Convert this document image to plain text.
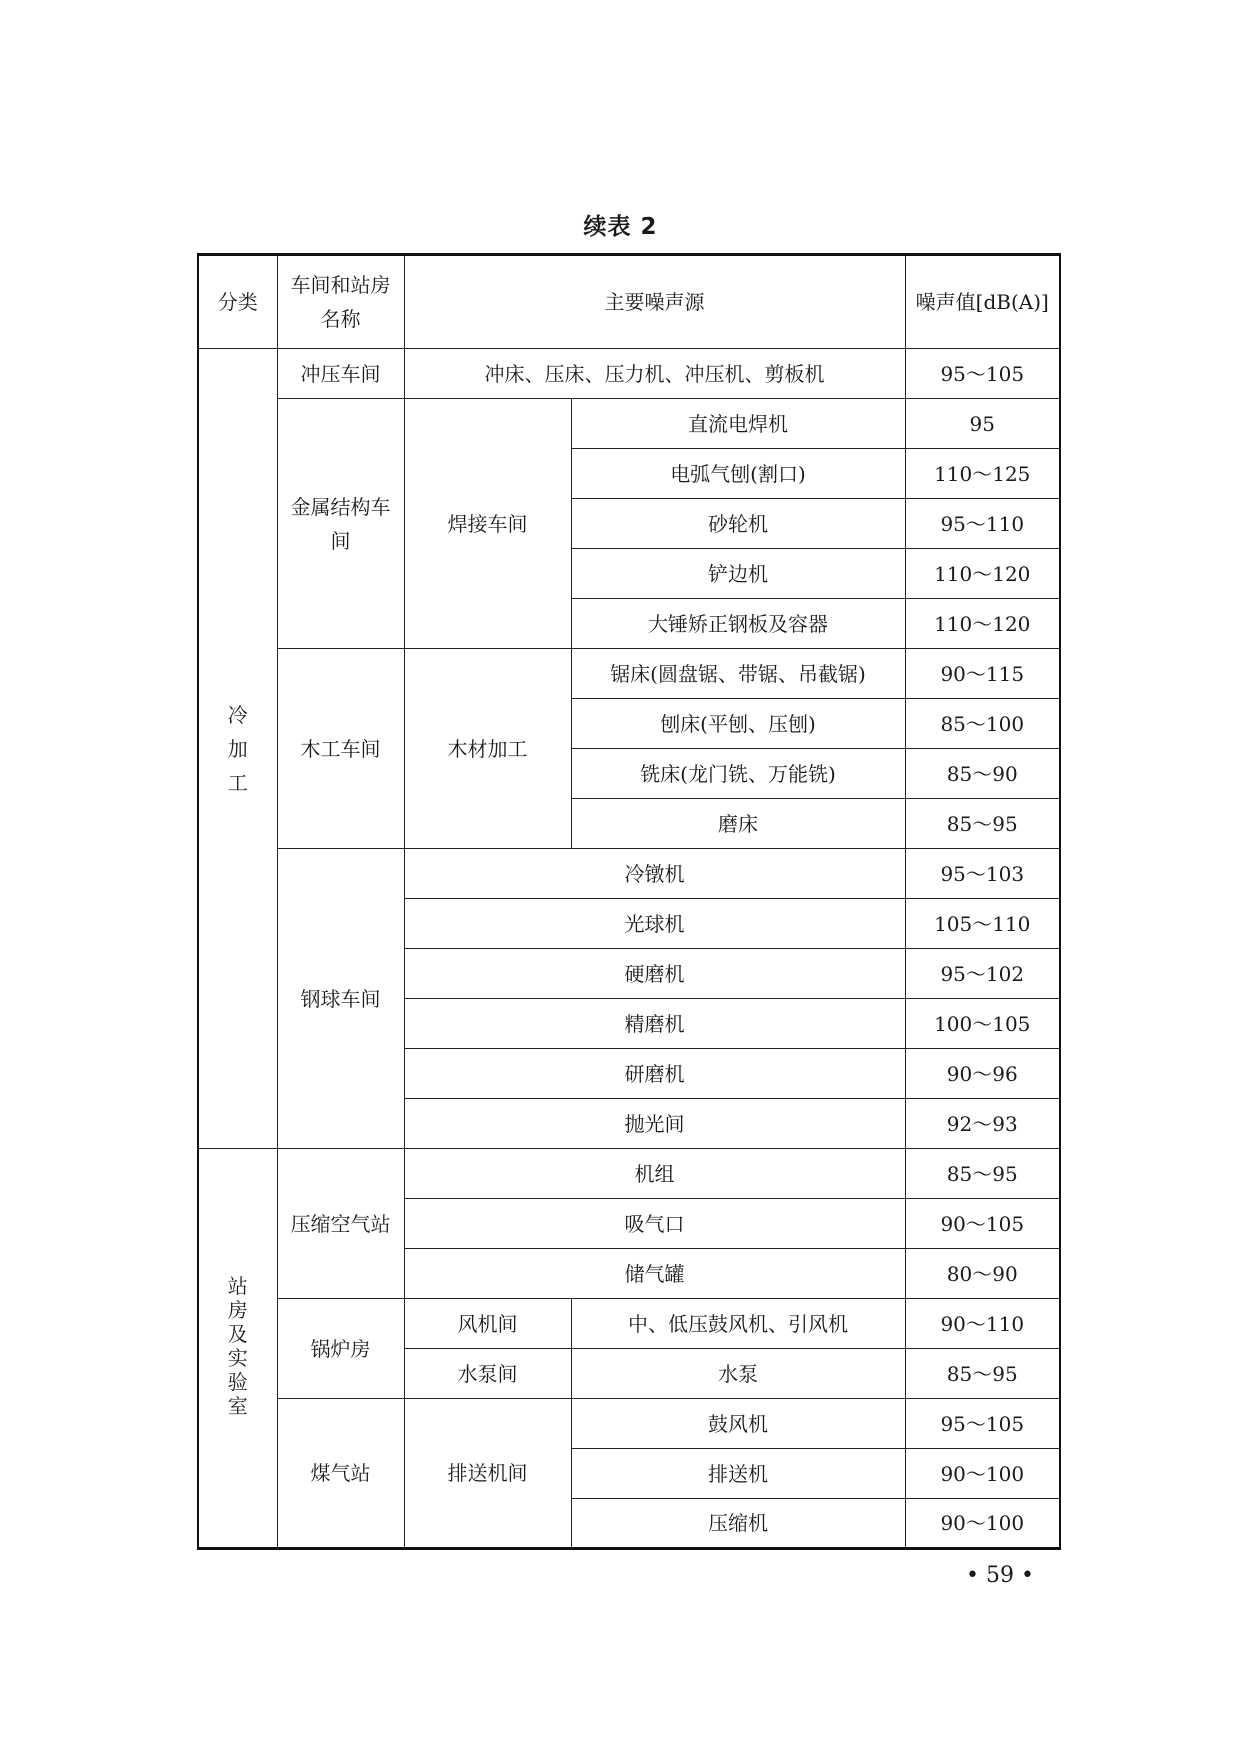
续表 2
分类	车间和站房名称	主要噪声源		噪声值[dB(A)]
冷加工	冲压车间	冲床、压床、压力机、冲压机、剪板机		95～105
	金属结构车间	焊接车间	直流电焊机	95
			电弧气刨(割口)	110～125
			砂轮机	95～110
			铲边机	110～120
			大锤矫正钢板及容器	110～120
	木工车间	木材加工	锯床(圆盘锯、带锯、吊截锯)	90～115
			刨床(平刨、压刨)	85～100
			铣床(龙门铣、万能铣)	85～90
			磨床	85～95
	钢球车间	冷镦机		95～103
		光球机		105～110
		硬磨机		95～102
		精磨机		100～105
		研磨机		90～96
		抛光间		92～93
站房及实验室	压缩空气站	机组		85～95
		吸气口		90～105
		储气罐		80～90
	锅炉房	风机间	中、低压鼓风机、引风机	90～110
		水泵间	水泵	85～95
	煤气站	排送机间	鼓风机	95～105
			排送机	90～100
			压缩机	90～100
• 59 •
